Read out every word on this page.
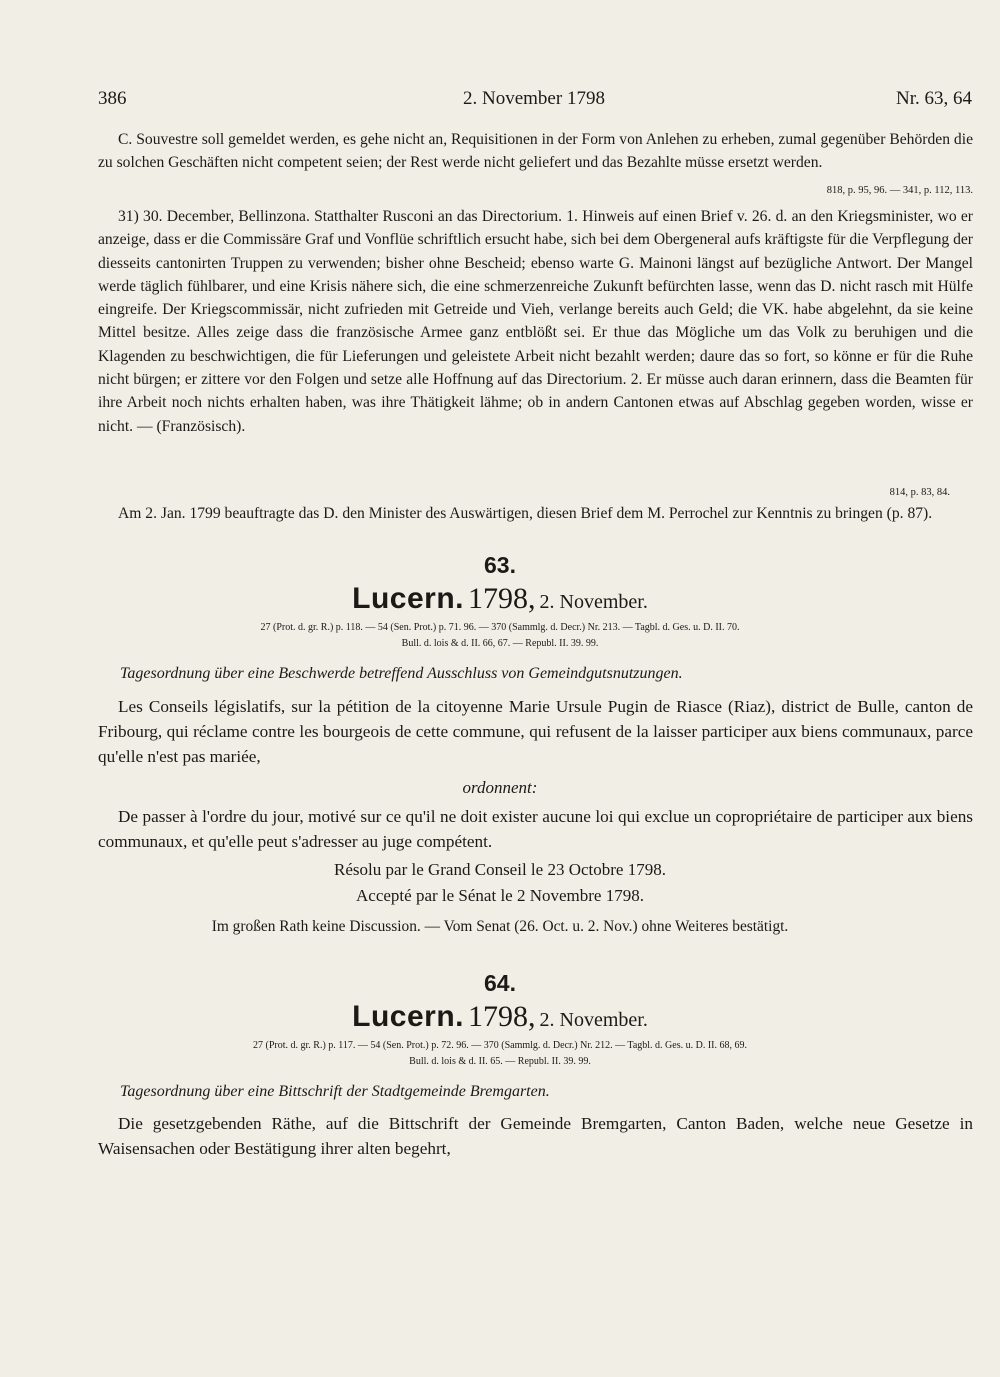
386	2. November 1798	Nr. 63, 64
C. Souvestre soll gemeldet werden, es gehe nicht an, Requisitionen in der Form von Anlehen zu erheben, zumal gegenüber Behörden die zu solchen Geschäften nicht competent seien; der Rest werde nicht geliefert und das Bezahlte müsse ersetzt werden.
818, p. 95, 96. — 341, p. 112, 113.
31) 30. December, Bellinzona. Statthalter Rusconi an das Directorium. 1. Hinweis auf einen Brief v. 26. d. an den Kriegsminister, wo er anzeige, dass er die Commissäre Graf und Vonflüe schriftlich ersucht habe, sich bei dem Obergeneral aufs kräftigste für die Verpflegung der diesseits cantonirten Truppen zu verwenden; bisher ohne Bescheid; ebenso warte G. Mainoni längst auf bezügliche Antwort. Der Mangel werde täglich fühlbarer, und eine Krisis nähere sich, die eine schmerzenreiche Zukunft befürchten lasse, wenn das D. nicht rasch mit Hülfe eingreife. Der Kriegscommissär, nicht zufrieden mit Getreide und Vieh, verlange bereits auch Geld; die VK. habe abgelehnt, da sie keine Mittel besitze. Alles zeige dass die französische Armee ganz entblößt sei. Er thue das Mögliche um das Volk zu beruhigen und die Klagenden zu beschwichtigen, die für Lieferungen und geleistete Arbeit nicht bezahlt werden; daure das so fort, so könne er für die Ruhe nicht bürgen; er zittere vor den Folgen und setze alle Hoffnung auf das Directorium. 2. Er müsse auch daran erinnern, dass die Beamten für ihre Arbeit noch nichts erhalten haben, was ihre Thätigkeit lähme; ob in andern Cantonen etwas auf Abschlag gegeben worden, wisse er nicht. — (Französisch).
814, p. 83, 84.
Am 2. Jan. 1799 beauftragte das D. den Minister des Auswärtigen, diesen Brief dem M. Perrochel zur Kenntnis zu bringen (p. 87).
63.
Lucern. 1798, 2. November.
27 (Prot. d. gr. R.) p. 118. — 54 (Sen. Prot.) p. 71. 96. — 370 (Sammlg. d. Decr.) Nr. 213. — Tagbl. d. Ges. u. D. II. 70.
Bull. d. lois & d. II. 66, 67. — Republ. II. 39. 99.
Tagesordnung über eine Beschwerde betreffend Ausschluss von Gemeindgutsnutzungen.
Les Conseils législatifs, sur la pétition de la citoyenne Marie Ursule Pugin de Riasce (Riaz), district de Bulle, canton de Fribourg, qui réclame contre les bourgeois de cette commune, qui refusent de la laisser participer aux biens communaux, parce qu'elle n'est pas mariée,
ordonnent:
De passer à l'ordre du jour, motivé sur ce qu'il ne doit exister aucune loi qui exclue un copropriétaire de participer aux biens communaux, et qu'elle peut s'adresser au juge compétent.
Résolu par le Grand Conseil le 23 Octobre 1798.
Accepté par le Sénat le 2 Novembre 1798.
Im großen Rath keine Discussion. — Vom Senat (26. Oct. u. 2. Nov.) ohne Weiteres bestätigt.
64.
Lucern. 1798, 2. November.
27 (Prot. d. gr. R.) p. 117. — 54 (Sen. Prot.) p. 72. 96. — 370 (Sammlg. d. Decr.) Nr. 212. — Tagbl. d. Ges. u. D. II. 68, 69.
Bull. d. lois & d. II. 65. — Republ. II. 39. 99.
Tagesordnung über eine Bittschrift der Stadtgemeinde Bremgarten.
Die gesetzgebenden Räthe, auf die Bittschrift der Gemeinde Bremgarten, Canton Baden, welche neue Gesetze in Waisensachen oder Bestätigung ihrer alten begehrt,
